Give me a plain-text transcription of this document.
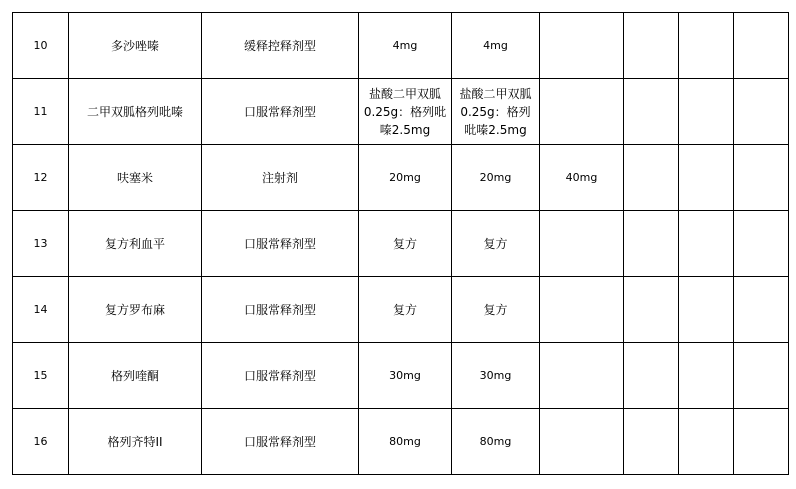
10	多沙唑嗪	缓释控释剂型	4mg	4mg				
11	二甲双胍格列吡嗪	口服常释剂型	盐酸二甲双胍 0.25g：格列吡嗪2.5mg	盐酸二甲双胍 0.25g：格列吡嗪2.5mg				
12	呋塞米	注射剂	20mg	20mg	40mg			
13	复方利血平	口服常释剂型	复方	复方				
14	复方罗布麻	口服常释剂型	复方	复方				
15	格列喹酮	口服常释剂型	30mg	30mg				
16	格列齐特II	口服常释剂型	80mg	80mg				
